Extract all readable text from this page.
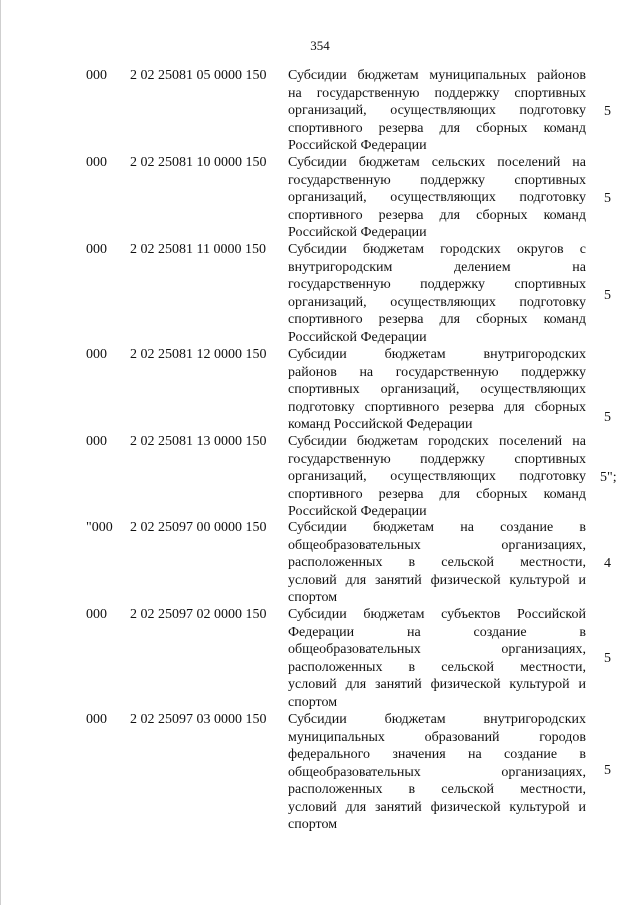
354
000 2 02 25081 05 0000 150 Субсидии бюджетам муниципальных районов
на государственную поддержку спортивных
организаций, осуществляющих подготовку
спортивного резерва для сборных команд
Российской Федерации
5
000 2 02 25081 10 0000 150 Субсидии бюджетам сельских поселений на
государственную поддержку спортивных
организаций, осуществляющих подготовку
спортивного резерва для сборных команд
Российской Федерации
5
000 2 02 25081 11 0000 150 Субсидии бюджетам городских округов с
внутригородским делением на
государственную поддержку спортивных
организаций, осуществляющих подготовку
спортивного резерва для сборных команд
Российской Федерации
5
000 2 02 25081 12 0000 150 Субсидии бюджетам внутригородских
районов на государственную поддержку
спортивных организаций, осуществляющих
подготовку спортивного резерва для сборных
команд Российской Федерации	5
000 2 02 25081 13 0000 150 Субсидии бюджетам городских поселений на
государственную поддержку спортивных
организаций, осуществляющих подготовку
спортивного резерва для сборных команд
Российской Федерации
5";
"000 2 02 25097 00 0000 150 Субсидии бюджетам на создание в
общеобразовательных организациях,
расположенных в сельской местности,
условий для занятий физической культурой и
спортом
4
000 2 02 25097 02 0000 150 Субсидии бюджетам субъектов Российской
Федерации на создание в
общеобразовательных организациях,
расположенных в сельской местности,
условий для занятий физической культурой и
спортом
5
000 2 02 25097 03 0000 150 Субсидии бюджетам внутригородских
муниципальных образований городов
федерального значения на создание в
общеобразовательных организациях,
расположенных в сельской местности,
условий для занятий физической культурой и
спортом
5
